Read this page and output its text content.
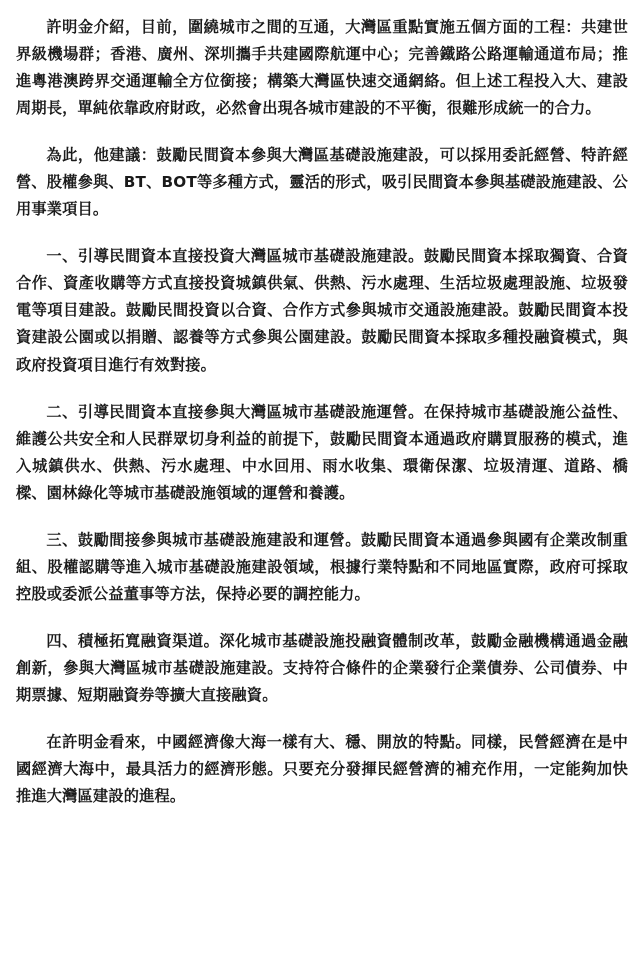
許明金介紹，目前，圍繞城市之間的互通，大灣區重點實施五個方面的工程：共建世界級機場群；香港、廣州、深圳攜手共建國際航運中心；完善鐵路公路運輸通道布局；推進粵港澳跨界交通運輸全方位銜接；構築大灣區快速交通網絡。但上述工程投入大、建設周期長，單純依靠政府財政，必然會出現各城市建設的不平衡，很難形成統一的合力。

為此，他建議：鼓勵民間資本參與大灣區基礎設施建設，可以採用委託經營、特許經營、股權參與、BT、BOT等多種方式，靈活的形式，吸引民間資本參與基礎設施建設、公用事業項目。

一、引導民間資本直接投資大灣區城市基礎設施建設。鼓勵民間資本採取獨資、合資合作、資產收購等方式直接投資城鎮供氣、供熱、污水處理、生活垃圾處理設施、垃圾發電等項目建設。鼓勵民間投資以合資、合作方式參與城市交通設施建設。鼓勵民間資本投資建設公園或以捐贈、認養等方式參與公園建設。鼓勵民間資本採取多種投融資模式，與政府投資項目進行有效對接。

二、引導民間資本直接參與大灣區城市基礎設施運營。在保持城市基礎設施公益性、維護公共安全和人民群眾切身利益的前提下，鼓勵民間資本通過政府購買服務的模式，進入城鎮供水、供熱、污水處理、中水回用、雨水收集、環衛保潔、垃圾清運、道路、橋樑、園林綠化等城市基礎設施領域的運營和養護。

三、鼓勵間接參與城市基礎設施建設和運營。鼓勵民間資本通過參與國有企業改制重組、股權認購等進入城市基礎設施建設領域，根據行業特點和不同地區實際，政府可採取控股或委派公益董事等方法，保持必要的調控能力。

四、積極拓寬融資渠道。深化城市基礎設施投融資體制改革，鼓勵金融機構通過金融創新，參與大灣區城市基礎設施建設。支持符合條件的企業發行企業債券、公司債券、中期票據、短期融資券等擴大直接融資。

在許明金看來，中國經濟像大海一樣有大、穩、開放的特點。同樣，民營經濟在是中國經濟大海中，最具活力的經濟形態。只要充分發揮民經營濟的補充作用，一定能夠加快推進大灣區建設的進程。
